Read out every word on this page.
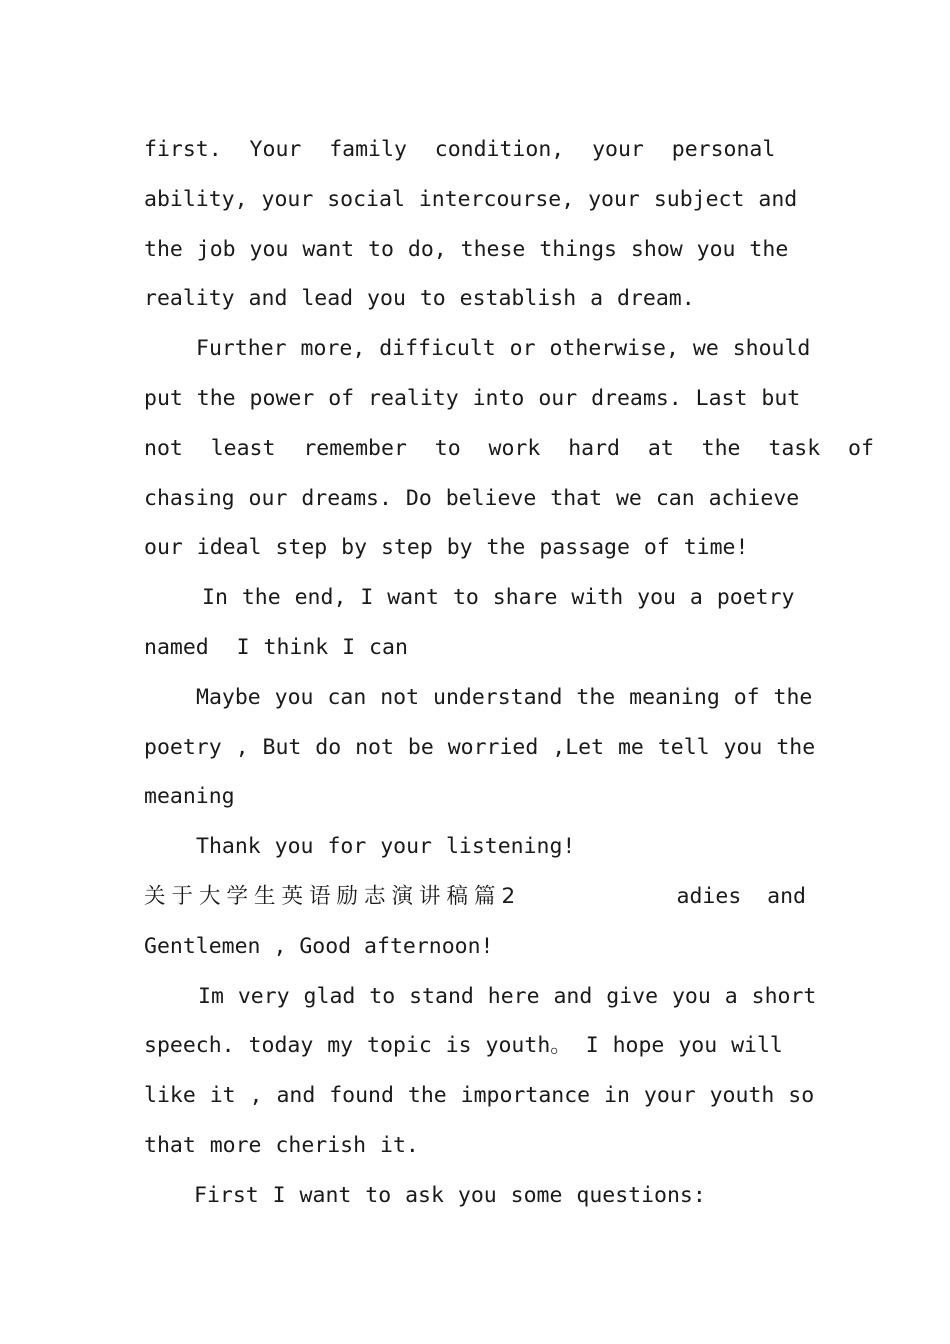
first.  Your  family  condition,  your  personal
ability, your social intercourse, your subject and
the job you want to do, these things show you the
reality and lead you to establish a dream.
Further more, difficult or otherwise, we should
put the power of reality into our dreams. Last but
not  least  remember  to  work  hard  at  the  task  of
chasing our dreams. Do believe that we can achieve
our ideal step by step by the passage of time!
In the end, I want to share with you a poetry
named  I think I can
Maybe you can not understand the meaning of the
poetry , But do not be worried ,Let me tell you the
meaning
Thank you for your listening!
关于大学生英语励志演讲稿篇2	adies  and
Gentlemen , Good afternoon!
Im very glad to stand here and give you a short
speech. today my topic is youth。 I hope you will
like it , and found the importance in your youth so
that more cherish it.
First I want to ask you some questions:
